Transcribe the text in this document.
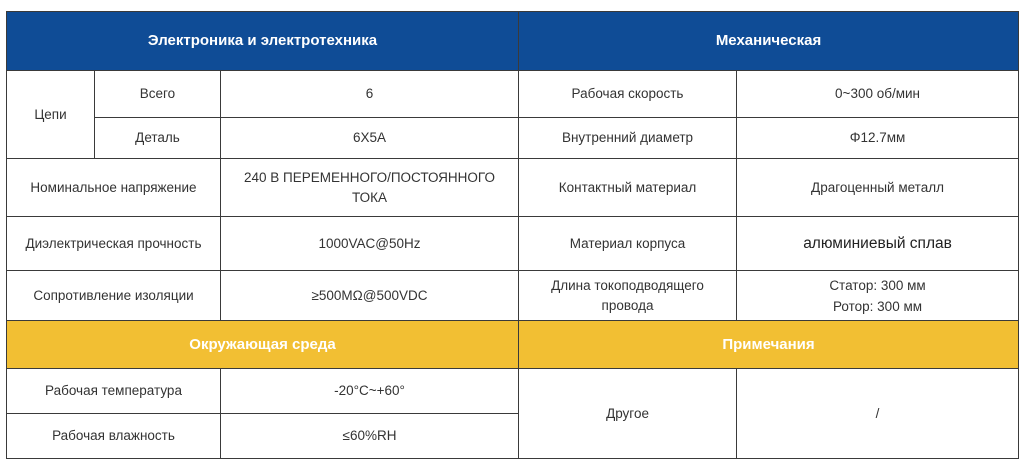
Электроника и электротехника			Механическая	
Цепи	Всего	6	Рабочая скорость	0~300 об/мин
	Деталь	6X5A	Внутренний диаметр	Φ12.7мм
Номинальное напряжение		240 В ПЕРЕМЕННОГО/ПОСТОЯННОГО ТОКА	Контактный материал	Драгоценный металл
Диэлектрическая прочность		1000VAC@50Hz	Материал корпуса	алюминиевый сплав
Сопротивление изоляции		≥500MΩ@500VDC	Длина токоподводящего провода	Статор: 300 мм
Ротор: 300 мм

Окружающая среда			Примечания	
Рабочая температура		-20°C~+60°	Другое	/
Рабочая влажность		≤60%RH		
